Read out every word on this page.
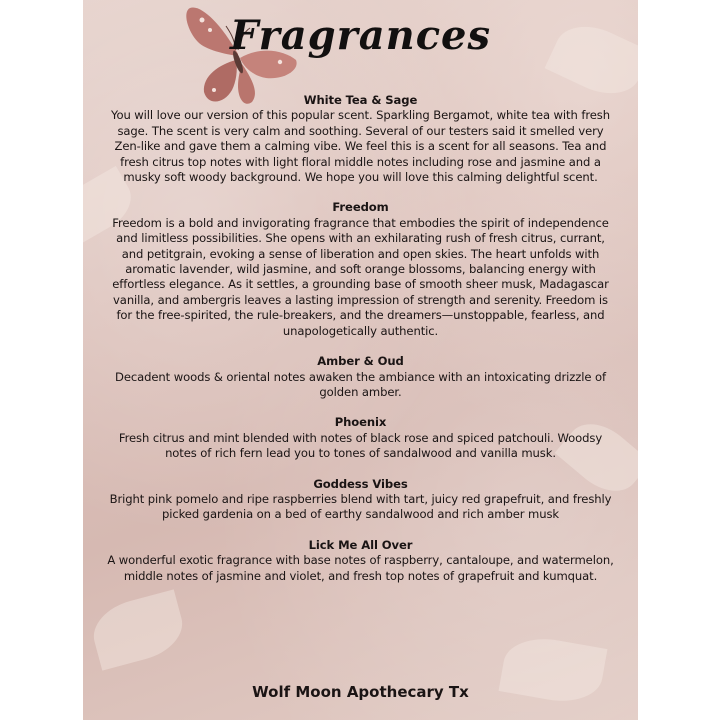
Fragrances
White Tea & Sage

You will love our version of this popular scent. Sparkling Bergamot, white tea with fresh sage. The scent is very calm and soothing. Several of our testers said it smelled very Zen-like and gave them a calming vibe. We feel this is a scent for all seasons. Tea and fresh citrus top notes with light floral middle notes including rose and jasmine and a musky soft woody background. We hope you will love this calming delightful scent.

Freedom

Freedom is a bold and invigorating fragrance that embodies the spirit of independence and limitless possibilities. She opens with an exhilarating rush of fresh citrus, currant, and petitgrain, evoking a sense of liberation and open skies. The heart unfolds with aromatic lavender, wild jasmine, and soft orange blossoms, balancing energy with effortless elegance. As it settles, a grounding base of smooth sheer musk, Madagascar vanilla, and ambergris leaves a lasting impression of strength and serenity. Freedom is for the free-spirited, the rule-breakers, and the dreamers—unstoppable, fearless, and unapologetically authentic.

Amber & Oud

Decadent woods & oriental notes awaken the ambiance with an intoxicating drizzle of golden amber.

Phoenix

Fresh citrus and mint blended with notes of black rose and spiced patchouli. Woodsy notes of rich fern lead you to tones of sandalwood and vanilla musk.

Goddess Vibes

Bright pink pomelo and ripe raspberries blend with tart, juicy red grapefruit, and freshly picked gardenia on a bed of earthy sandalwood and rich amber musk

Lick Me All Over

A wonderful exotic fragrance with base notes of raspberry, cantaloupe, and watermelon, middle notes of jasmine and violet, and fresh top notes of grapefruit and kumquat.

Wolf Moon Apothecary Tx
